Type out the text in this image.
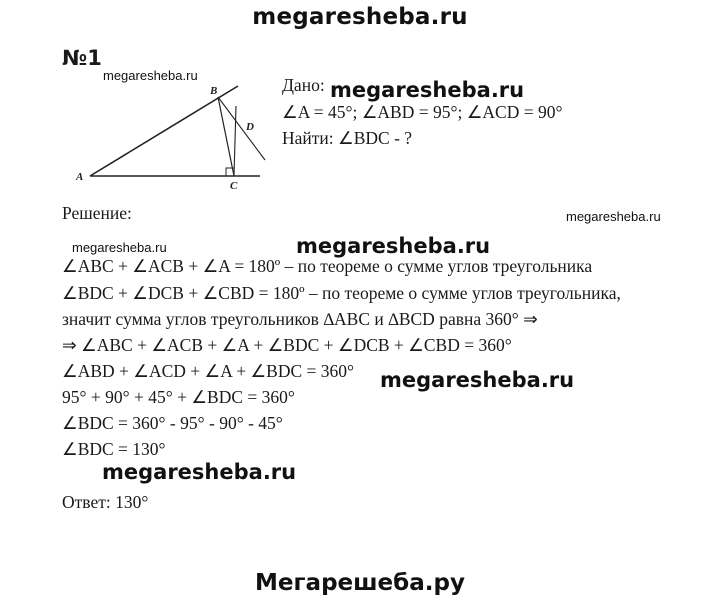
megaresheba.ru
№1
megaresheba.ru
A
B
C
D
Дано: megaresheba.ru
∠A = 45°; ∠ABD = 95°; ∠ACD = 90°
Найти: ∠BDC - ?
Решение:	megaresheba.ru
megaresheba.ru	megaresheba.ru
∠ABC + ∠ACB + ∠A = 180º – по теореме о сумме углов треугольника
∠BDC + ∠DCB + ∠CBD = 180º – по теореме о сумме углов треугольника,
значит сумма углов треугольников ∆ABC и ∆BCD равна 360° ⇒
⇒ ∠ABC + ∠ACB + ∠A + ∠BDC + ∠DCB + ∠CBD = 360°
∠ABD + ∠ACD + ∠A + ∠BDC = 360° megaresheba.ru
95° + 90° + 45° + ∠BDC = 360°
∠BDC = 360° - 95° - 90° - 45°
∠BDC = 130°
megaresheba.ru
Ответ: 130°
Мегарешеба.ру
